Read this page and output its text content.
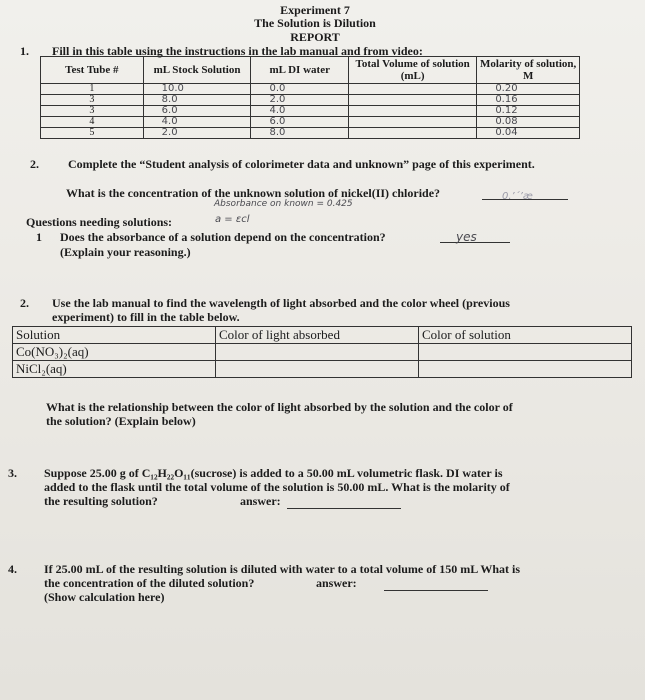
Experiment 7
The Solution is Dilution
REPORT
1. Fill in this table using the instructions in the lab manual and from video:
Test Tube #	mL Stock Solution	mL DI water	Total Volume of solution (mL)	Molarity of solution, M
1	10.0	0.0		0.20
3	8.0	2.0		0.16
3	6.0	4.0		0.12
4	4.0	6.0		0.08
5	2.0	8.0		0.04
2. Complete the “Student analysis of colorimeter data and unknown” page of this experiment.
What is the concentration of the unknown solution of nickel(II) chloride?	0.’´’æ
Absorbance on known = 0.425
Questions needing solutions:	a = εcl
1 Does the absorbance of a solution depend on the concentration?	yes
(Explain your reasoning.)
2. Use the lab manual to find the wavelength of light absorbed and the color wheel (previous
experiment) to fill in the table below.
Solution	Color of light absorbed	Color of solution
Co(NO₃)₂(aq)		
NiCl₂(aq)		
What is the relationship between the color of light absorbed by the solution and the color of
the solution? (Explain below)
3. Suppose 25.00 g of C₁₂H₂₂O₁₁(sucrose) is added to a 50.00 mL volumetric flask. DI water is
added to the flask until the total volume of the solution is 50.00 mL. What is the molarity of
the resulting solution?	answer:
4. If 25.00 mL of the resulting solution is diluted with water to a total volume of 150 mL What is
the concentration of the diluted solution?	answer:
(Show calculation here)
